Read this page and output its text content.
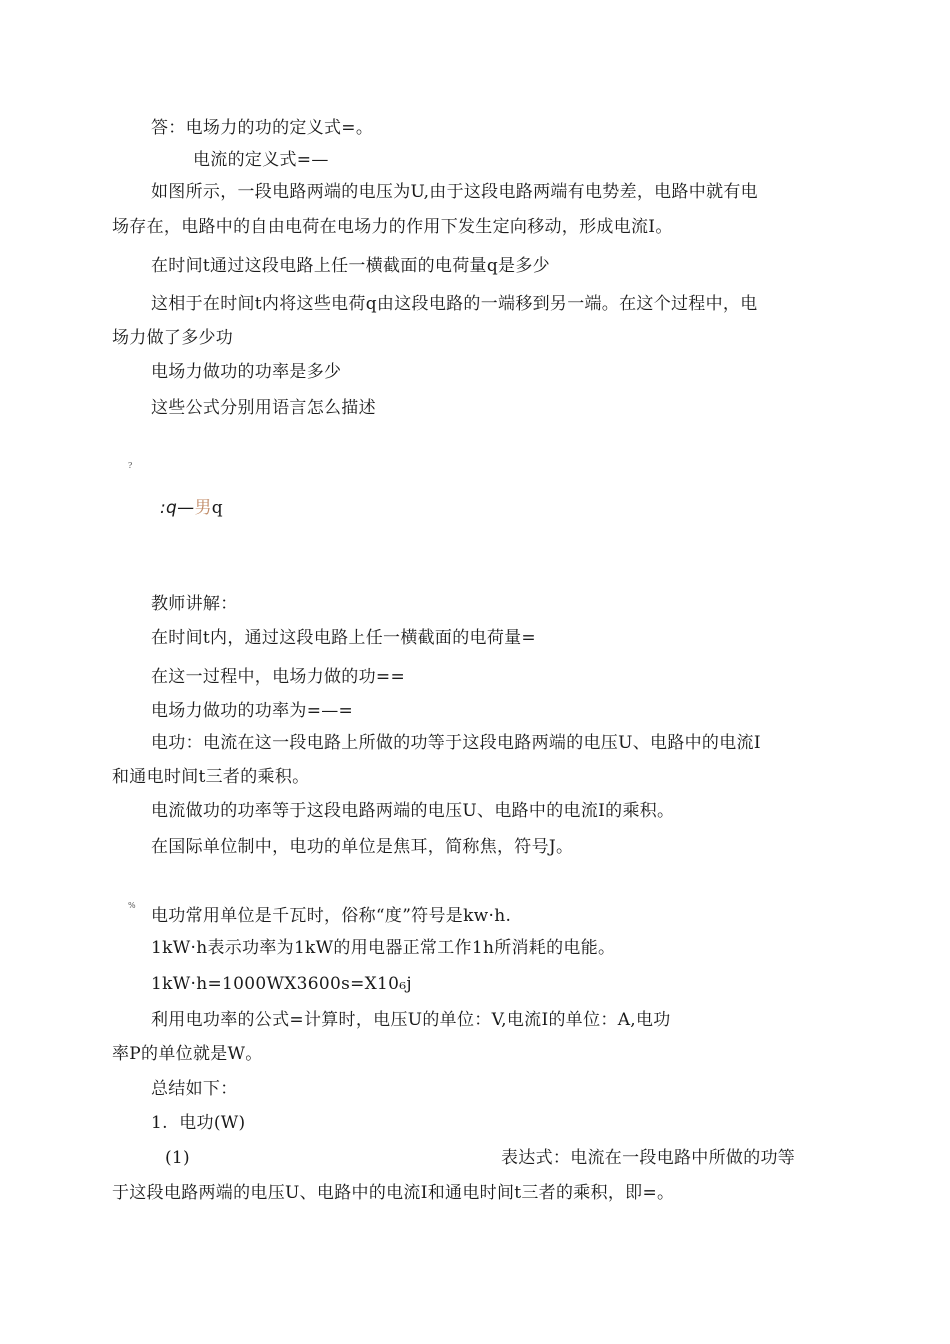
答：电场力的功的定义式=。
电流的定义式=—
如图所示，一段电路两端的电压为U,由于这段电路两端有电势差，电路中就有电
场存在，电路中的自由电荷在电场力的作用下发生定向移动，形成电流I。
在时间t通过这段电路上任一横截面的电荷量q是多少
这相于在时间t内将这些电荷q由这段电路的一端移到另一端。在这个过程中，电
场力做了多少功
电场力做功的功率是多少
这些公式分别用语言怎么描述
?
:q—男q
教师讲解：
在时间t内，通过这段电路上任一横截面的电荷量=
在这一过程中，电场力做的功==
电场力做功的功率为=—=
电功：电流在这一段电路上所做的功等于这段电路两端的电压U、电路中的电流I
和通电时间t三者的乘积。
电流做功的功率等于这段电路两端的电压U、电路中的电流I的乘积。
在国际单位制中，电功的单位是焦耳，简称焦，符号J。
%
电功常用单位是千瓦时，俗称“度”符号是kw·h.
1kW·h表示功率为1kW的用电器正常工作1h所消耗的电能。
1kW·h=1000WX3600s=X10₆j
利用电功率的公式=计算时，电压U的单位：V,电流I的单位：A,电功
率P的单位就是W。
总结如下：
1.  电功(W)
(1)	表达式：电流在一段电路中所做的功等
于这段电路两端的电压U、电路中的电流I和通电时间t三者的乘积，即=。
